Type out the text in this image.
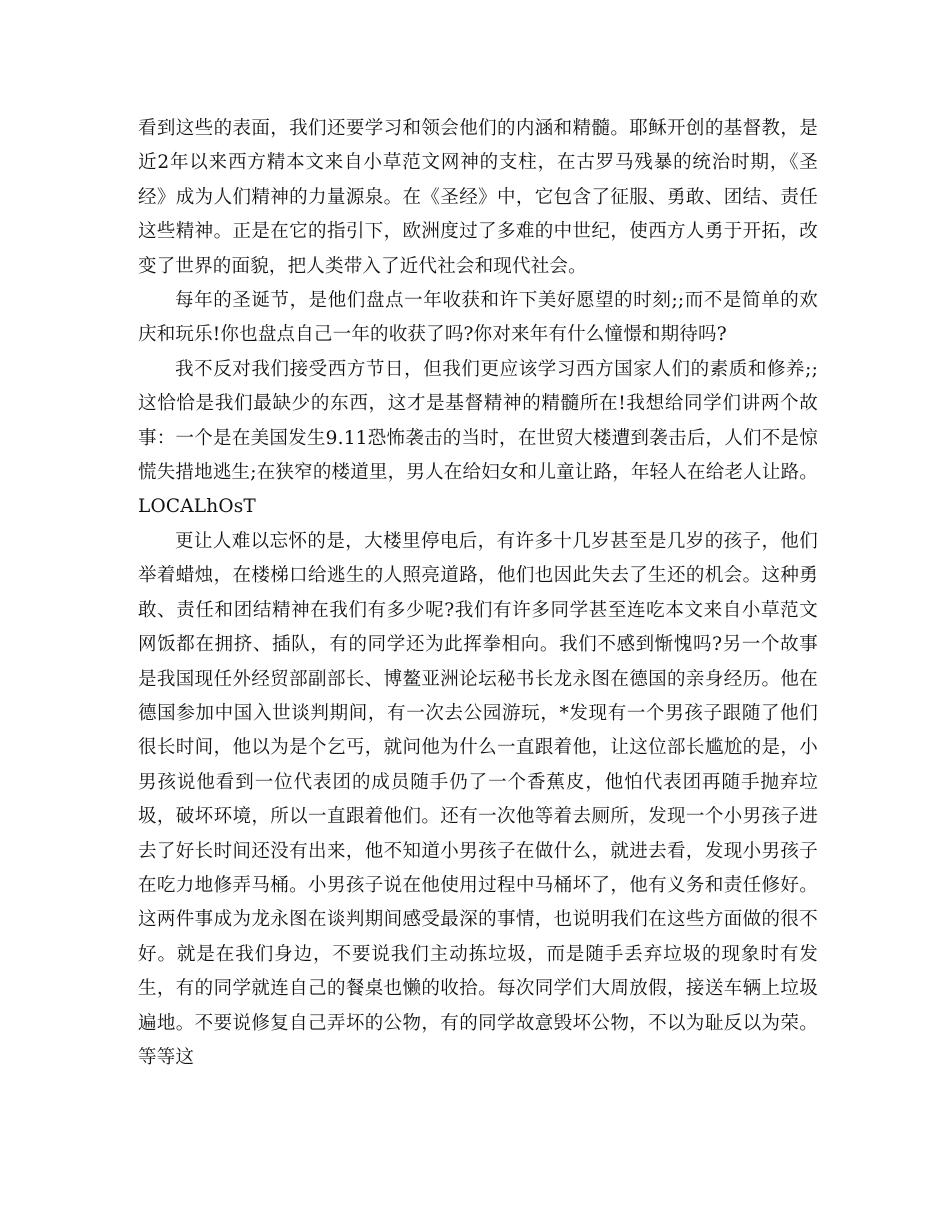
看到这些的表面，我们还要学习和领会他们的内涵和精髓。耶稣开创的基督教，是近2年以来西方精本文来自小草范文网神的支柱，在古罗马残暴的统治时期，《圣经》成为人们精神的力量源泉。在《圣经》中，它包含了征服、勇敢、团结、责任这些精神。正是在它的指引下，欧洲度过了多难的中世纪，使西方人勇于开拓，改变了世界的面貌，把人类带入了近代社会和现代社会。

每年的圣诞节，是他们盘点一年收获和许下美好愿望的时刻;;而不是简单的欢庆和玩乐!你也盘点自己一年的收获了吗?你对来年有什么憧憬和期待吗?

我不反对我们接受西方节日，但我们更应该学习西方国家人们的素质和修养;;这恰恰是我们最缺少的东西，这才是基督精神的精髓所在!我想给同学们讲两个故事：一个是在美国发生9.11恐怖袭击的当时，在世贸大楼遭到袭击后，人们不是惊慌失措地逃生;在狭窄的楼道里，男人在给妇女和儿童让路，年轻人在给老人让路。LOCALhOsT

更让人难以忘怀的是，大楼里停电后，有许多十几岁甚至是几岁的孩子，他们举着蜡烛，在楼梯口给逃生的人照亮道路，他们也因此失去了生还的机会。这种勇敢、责任和团结精神在我们有多少呢?我们有许多同学甚至连吃本文来自小草范文网饭都在拥挤、插队，有的同学还为此挥拳相向。我们不感到惭愧吗?另一个故事是我国现任外经贸部副部长、博鳌亚洲论坛秘书长龙永图在德国的亲身经历。他在德国参加中国入世谈判期间，有一次去公园游玩，*发现有一个男孩子跟随了他们很长时间，他以为是个乞丐，就问他为什么一直跟着他，让这位部长尴尬的是，小男孩说他看到一位代表团的成员随手仍了一个香蕉皮，他怕代表团再随手抛弃垃圾，破坏环境，所以一直跟着他们。还有一次他等着去厕所，发现一个小男孩子进去了好长时间还没有出来，他不知道小男孩子在做什么，就进去看，发现小男孩子在吃力地修弄马桶。小男孩子说在他使用过程中马桶坏了，他有义务和责任修好。这两件事成为龙永图在谈判期间感受最深的事情，也说明我们在这些方面做的很不好。就是在我们身边，不要说我们主动拣垃圾，而是随手丢弃垃圾的现象时有发生，有的同学就连自己的餐桌也懒的收拾。每次同学们大周放假，接送车辆上垃圾遍地。不要说修复自己弄坏的公物，有的同学故意毁坏公物，不以为耻反以为荣。等等这
